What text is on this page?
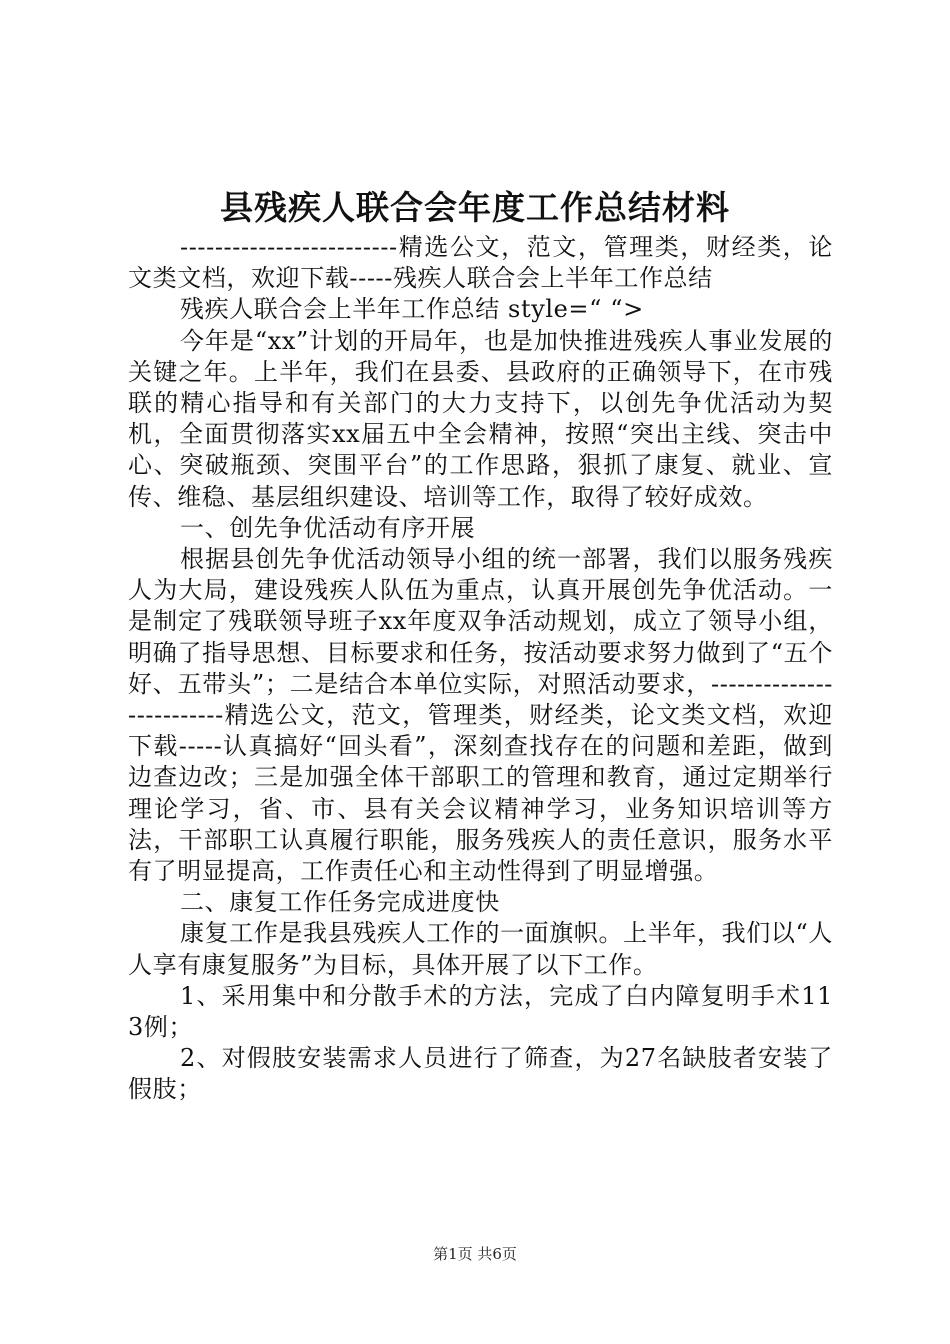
县残疾人联合会年度工作总结材料

-------------------------精选公文，范文，管理类，财经类，论文类文档，欢迎下载-----残疾人联合会上半年工作总结

残疾人联合会上半年工作总结 style=“ “>

今年是“xx”计划的开局年，也是加快推进残疾人事业发展的关键之年。上半年，我们在县委、县政府的正确领导下，在市残联的精心指导和有关部门的大力支持下，以创先争优活动为契机，全面贯彻落实xx届五中全会精神，按照“突出主线、突击中心、突破瓶颈、突围平台”的工作思路，狠抓了康复、就业、宣传、维稳、基层组织建设、培训等工作，取得了较好成效。

一、创先争优活动有序开展

根据县创先争优活动领导小组的统一部署，我们以服务残疾人为大局，建设残疾人队伍为重点，认真开展创先争优活动。一是制定了残联领导班子xx年度双争活动规划，成立了领导小组，明确了指导思想、目标要求和任务，按活动要求努力做到了“五个好、五带头”；二是结合本单位实际，对照活动要求，-------------------------精选公文，范文，管理类，财经类，论文类文档，欢迎下载-----认真搞好“回头看”，深刻查找存在的问题和差距，做到边查边改；三是加强全体干部职工的管理和教育，通过定期举行理论学习，省、市、县有关会议精神学习，业务知识培训等方法，干部职工认真履行职能，服务残疾人的责任意识，服务水平有了明显提高，工作责任心和主动性得到了明显增强。

二、康复工作任务完成进度快

康复工作是我县残疾人工作的一面旗帜。上半年，我们以“人人享有康复服务”为目标，具体开展了以下工作。

1、采用集中和分散手术的方法，完成了白内障复明手术113例；

2、对假肢安装需求人员进行了筛查，为27名缺肢者安装了假肢；

第1页 共6页
